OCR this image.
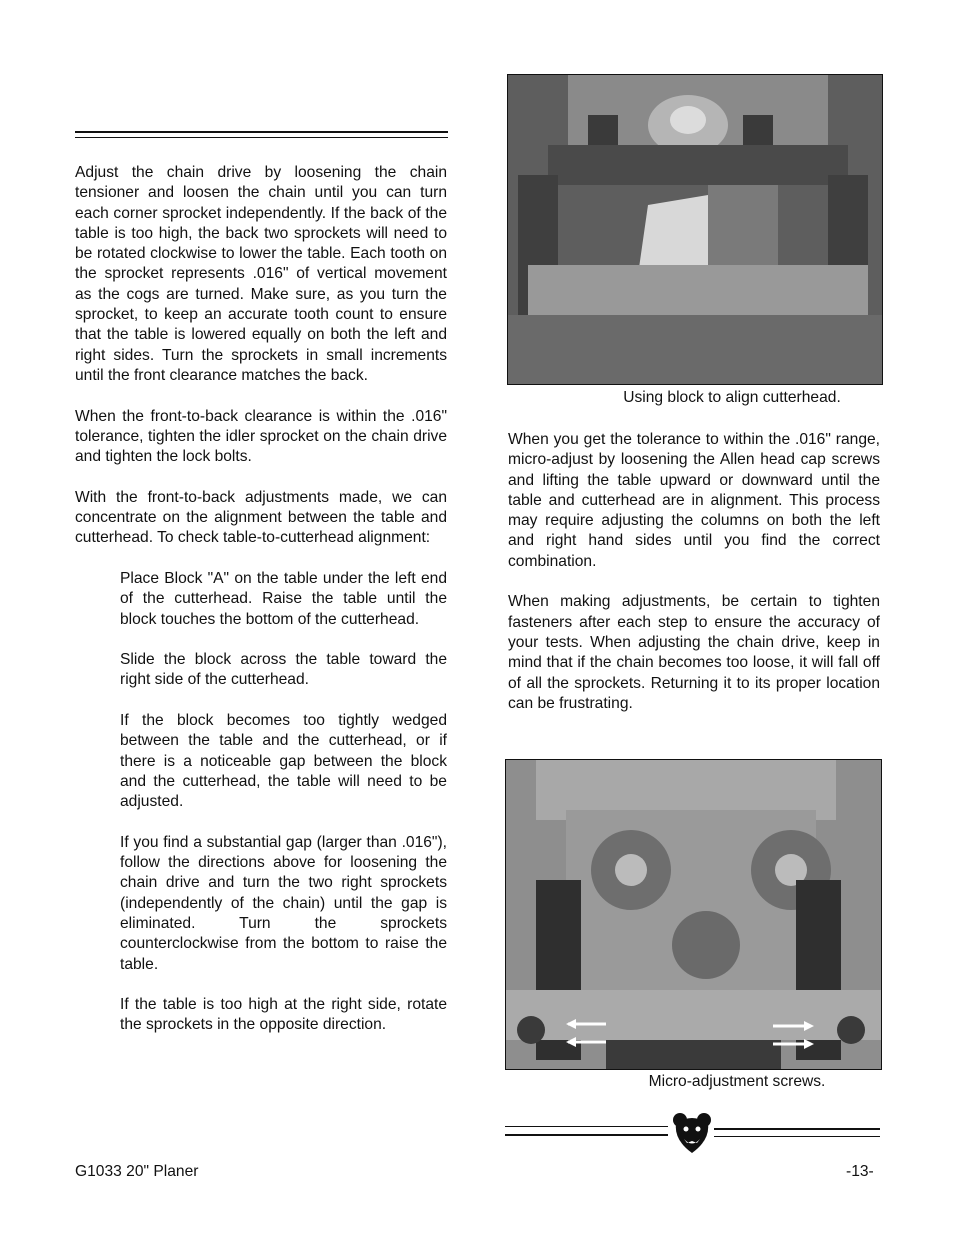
Adjust the chain drive by loosening the chain tensioner and loosen the chain until you can turn each corner sprocket independently. If the back of the table is too high, the back two sprockets will need to be rotated clockwise to lower the table. Each tooth on the sprocket represents .016" of vertical movement as the cogs are turned. Make sure, as you turn the sprocket, to keep an accurate tooth count to ensure that the table is lowered equally on both the left and right sides. Turn the sprockets in small increments until the front clearance matches the back.

When the front-to-back clearance is within the .016" tolerance, tighten the idler sprocket on the chain drive and tighten the lock bolts.

With the front-to-back adjustments made, we can concentrate on the alignment between the table and cutterhead. To check table-to-cutterhead alignment:

Place Block "A" on the table under the left end of the cutterhead. Raise the table until the block touches the bottom of the cutterhead.

Slide the block across the table toward the right side of the cutterhead.

If the block becomes too tightly wedged between the table and the cutterhead, or if there is a noticeable gap between the block and the cutterhead, the table will need to be adjusted.

If you find a substantial gap (larger than .016"), follow the directions above for loosening the chain drive and turn the two right sprockets (independently of the chain) until the gap is eliminated. Turn the sprockets counterclockwise from the bottom to raise the table.

If the table is too high at the right side, rotate the sprockets in the opposite direction.

Using block to align cutterhead.

When you get the tolerance to within the .016" range, micro-adjust by loosening the Allen head cap screws and lifting the table upward or downward until the table and cutterhead are in alignment. This process may require adjusting the columns on both the left and right hand sides until you find the correct combination.

When making adjustments, be certain to tighten fasteners after each step to ensure the accuracy of your tests. When adjusting the chain drive, keep in mind that if the chain becomes too loose, it will fall off of all the sprockets. Returning it to its proper location can be frustrating.

Micro-adjustment screws.
G1033 20" Planer	-13-
